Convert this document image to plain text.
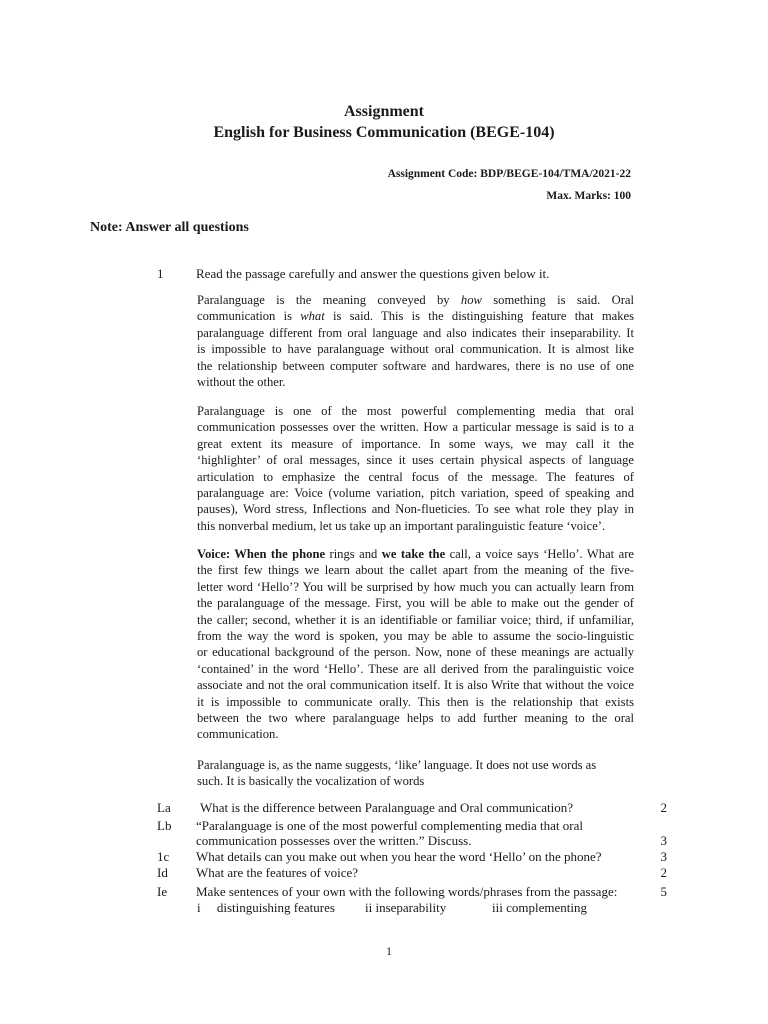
Assignment
English for Business Communication (BEGE-104)
Assignment Code: BDP/BEGE-104/TMA/2021-22
Max. Marks: 100
Note: Answer all questions
1	Read the passage carefully and answer the questions given below it.
Paralanguage is the meaning conveyed by how something is said. Oral
communication is what is said. This is the distinguishing feature that makes
paralanguage different from oral language and also indicates their inseparability. It
is impossible to have paralanguage without oral communication. It is almost like
the relationship between computer software and hardwares, there is no use of one
without the other.
Paralanguage is one of the most powerful complementing media that oral
communication possesses over the written. How a particular message is said is to a
great extent its measure of importance. In some ways, we may call it the
‘highlighter’ of oral messages, since it uses certain physical aspects of language
articulation to emphasize the central focus of the message. The features of
paralanguage are: Voice (volume variation, pitch variation, speed of speaking and
pauses), Word stress, Inflections and Non-flueticies. To see what role they play in
this nonverbal medium, let us take up an important paralinguistic feature ‘voice’.
Voice: When the phone rings and we take the call, a voice says ‘Hello’. What are
the first few things we learn about the callet apart from the meaning of the five-
letter word ‘Hello’? You will be surprised by how much you can actually learn from
the paralanguage of the message. First, you will be able to make out the gender of
the caller; second, whether it is an identifiable or familiar voice; third, if unfamiliar,
from the way the word is spoken, you may be able to assume the socio-linguistic
or educational background of the person. Now, none of these meanings are actually
‘contained’ in the word ‘Hello’. These are all derived from the paralinguistic voice
associate and not the oral communication itself. It is also Write that without the voice
it is impossible to communicate orally. This then is the relationship that exists
between the two where paralanguage helps to add further meaning to the oral
communication.
Paralanguage is, as the name suggests, ‘like’ language. It does not use words as
such. It is basically the vocalization of words
La What is the difference between Paralanguage and Oral communication?	2
Lb “Paralanguage is one of the most powerful complementing media that oral
communication possesses over the written.” Discuss.	3
1c What details can you make out when you hear the word ‘Hello’ on the phone?	3
Id What are the features of voice?	2
Ie Make sentences of your own with the following words/phrases from the passage:	5
i     distinguishing features ii inseparability	iii complementing
1
